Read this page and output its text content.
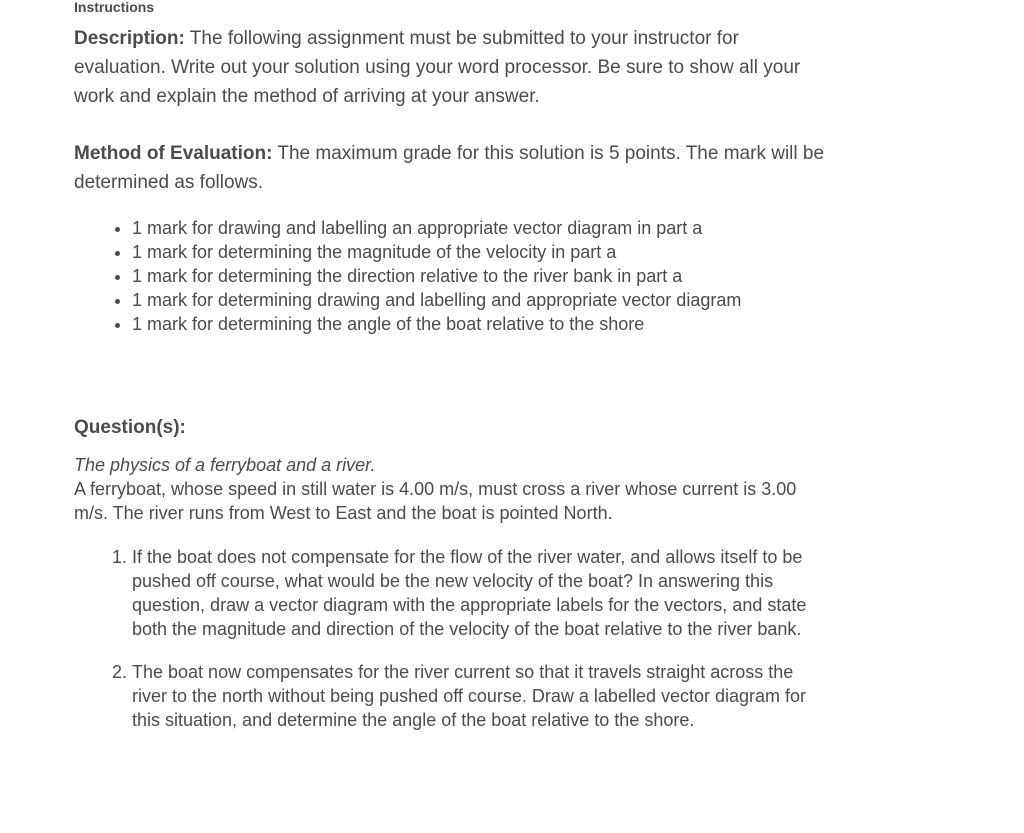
Instructions

Description: The following assignment must be submitted to your instructor for evaluation. Write out your solution using your word processor. Be sure to show all your work and explain the method of arriving at your answer.

Method of Evaluation: The maximum grade for this solution is 5 points. The mark will be determined as follows.

• 1 mark for drawing and labelling an appropriate vector diagram in part a
• 1 mark for determining the magnitude of the velocity in part a
• 1 mark for determining the direction relative to the river bank in part a
• 1 mark for determining drawing and labelling and appropriate vector diagram
• 1 mark for determining the angle of the boat relative to the shore
Question(s):

The physics of a ferryboat and a river.

A ferryboat, whose speed in still water is 4.00 m/s, must cross a river whose current is 3.00 m/s. The river runs from West to East and the boat is pointed North.

1. If the boat does not compensate for the flow of the river water, and allows itself to be pushed off course, what would be the new velocity of the boat? In answering this question, draw a vector diagram with the appropriate labels for the vectors, and state both the magnitude and direction of the velocity of the boat relative to the river bank.
2. The boat now compensates for the river current so that it travels straight across the river to the north without being pushed off course. Draw a labelled vector diagram for this situation, and determine the angle of the boat relative to the shore.
